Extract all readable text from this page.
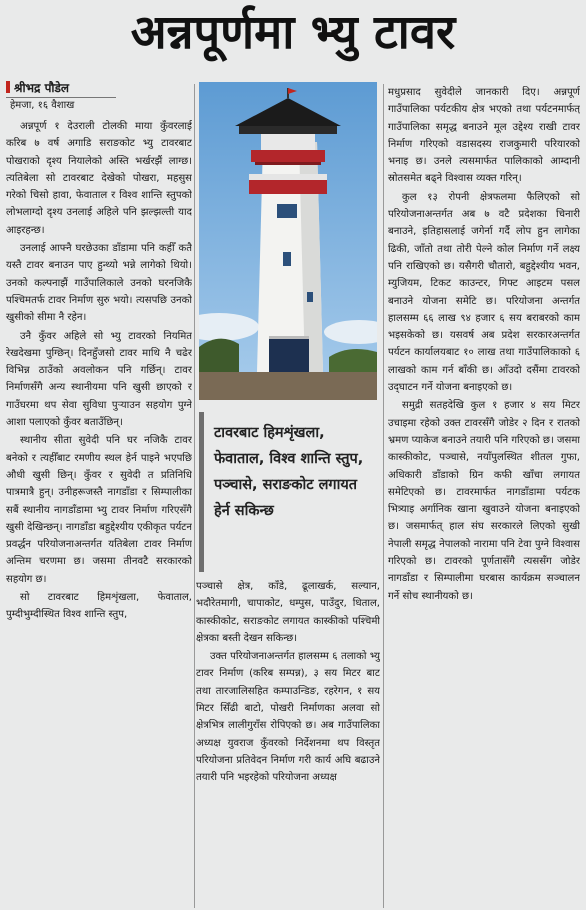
अन्नपूर्णमा भ्यु टावर
श्रीभद्र पौडेल
हेमजा, १६ वैशाख

अन्नपूर्ण १ देउराली टोलकी माया कुँवरलाई करिब ७ वर्ष अगाडि सराङकोट भ्यु टावरबाट पोखराको दृश्य नियालेको अस्ति भर्खरझैं लाग्छ। त्यतिबेला सो टावरबाट देखेको पोखरा, महसुस गरेको चिसो हावा, फेवाताल र विश्व शान्ति स्तुपको लोभलाग्दो दृश्य उनलाई अहिले पनि झल्झल्ती याद आइरहन्छ।

उनलाई आफ्नै घरछेउका डाँडामा पनि कहीँ कतै यस्तै टावर बनाउन पाए हुन्थ्यो भन्ने लागेको थियो। उनको कल्पनाझैं गाउँपालिकाले उनको घरनजिकै पश्चिमतर्फ टावर निर्माण सुरु भयो। त्यसपछि उनको खुसीको सीमा नै रहेन।

उनै कुँवर अहिले सो भ्यु टावरको नियमित रेखदेखमा पुग्छिन्। दिनहुँजसो टावर माथि नै चढेर विभिन्न ठाउँको अवलोकन पनि गर्छिन्। टावर निर्माणसँगै अन्य स्थानीयमा पनि खुसी छाएको र गाउँघरमा थप सेवा सुविधा पुऱ्याउन सहयोग पुग्ने आशा पलाएको कुँवर बताउँछिन्।

स्थानीय सीता सुवेदी पनि घर नजिकै टावर बनेको र त्यहीँबाट रमणीय स्थल हेर्न पाइने भएपछि औधी खुसी छिन्। कुँवर र सुवेदी त प्रतिनिधि पात्रमात्रै हुन्। उनीहरूजस्तै नागडाँडा र सिम्पालीका सबैं स्थानीय नागडाँडामा भ्यु टावर निर्माण गरिएसँगै खुसी देखिन्छन्। नागडाँडा बहुद्देश्यीय एकीकृत पर्यटन प्रवर्द्धन परियोजनाअन्तर्गत यतिबेला टावर निर्माण अन्तिम चरणमा छ। जसमा तीनवटै सरकारको सहयोग छ।

सो टावरबाट हिमशृंखला, फेवाताल, पुम्दीभुम्दीस्थित विश्व शान्ति स्तुप,

टावरबाट हिमशृंखला, फेवाताल, विश्व शान्ति स्तुप, पञ्चासे, सराङकोट लगायत हेर्न सकिन्छ

पञ्चासे क्षेत्र, काँडे, ढूलाखर्क, सल्यान, भदौरेतमागी, चापाकोट, धम्पुस, पाउँदुर, धिताल, कास्कीकोट, सराङकोट लगायत कास्कीको पश्चिमी क्षेत्रका बस्ती देखन सकिन्छ।

उक्त परियोजनाअन्तर्गत हालसम्म ६ तलाको भ्यु टावर निर्माण (करिब सम्पन्न), ३ सय मिटर बाट तथा तारजालिसहित कम्पाउन्डिङ, रहरेगन, १ सय मिटर सिँढी बाटो, पोखरी निर्माणका अलवा सो क्षेत्रभित्र लालीगुराँस रोपिएको छ। अब गाउँपालिका अध्यक्ष युवराज कुँवरको निर्देशनमा थप विस्तृत परियोजना प्रतिवेदन निर्माण गरी कार्य अघि बढाउने तयारी पनि भइरहेको परियोजना अध्यक्ष

मधुप्रसाद सुवेदीले जानकारी दिए। अन्नपूर्ण गाउँपालिका पर्यटकीय क्षेत्र भएको तथा पर्यटनमार्फत् गाउँपालिका समृद्ध बनाउने मूल उद्देश्य राखी टावर निर्माण गरिएको वडासदस्य राजकुमारी परियारको भनाइ छ। उनले त्यसमार्फत पालिकाको आम्दानी स्रोतसमेत बढ्ने विश्वास व्यक्त गरिन्।

कुल १३ रोपनी क्षेत्रफलमा फैलिएको सो परियोजनाअन्तर्गत अब ७ वटै प्रदेशका चिनारी बनाउने, इतिहासलाई जगेर्ना गर्दै लोप हुन लागेका ढिकी, जाँतो तथा तोरी पेल्ने कोल निर्माण गर्ने लक्ष्य पनि राखिएको छ। यसैगरी चौतारो, बहुद्देश्यीय भवन, म्युजियम, टिकट काउन्टर, गिफ्ट आइटम पसल बनाउने योजना समेटि छ। परियोजना अन्तर्गत हालसम्म ६६ लाख ९४ हजार ६ सय बराबरको काम भइसकेको छ। यसवर्ष अब प्रदेश सरकारअन्तर्गत पर्यटन कार्यालयबाट १० लाख तथा गाउँपालिकाको ६ लाखको काम गर्न बाँकी छ। आँउदो दसैंमा टावरको उद्‌घाटन गर्ने योजना बनाइएको छ।

समुद्री सतहदेखि कुल १ हजार ४ सय मिटर उचाइमा रहेको उक्त टावरसँगै जोडेर २ दिन र रातको भ्रमण प्याकेज बनाउने तयारी पनि गरिएको छ। जसमा कास्कीकोट, पञ्चासे, नयाँपुलस्थित शीतल गुफा, अधिकारी डाँडाको ग्रिन कफी खाँचा लगायत समेटिएको छ। टावरमार्फत नागडाँडामा पर्यटक भित्र्याइ अर्गानिक खाना खुवाउने योजना बनाइएको छ। जसमार्फत् हाल संघ सरकारले लिएको सुखी नेपाली समृद्ध नेपालको नारामा पनि टेवा पुग्ने विश्वास गरिएको छ। टावरको पूर्णतासँगै त्यससँग जोडेर नागडाँडा र सिम्पालीमा घरबास कार्यक्रम सञ्चालन गर्ने सोच स्थानीयको छ।
